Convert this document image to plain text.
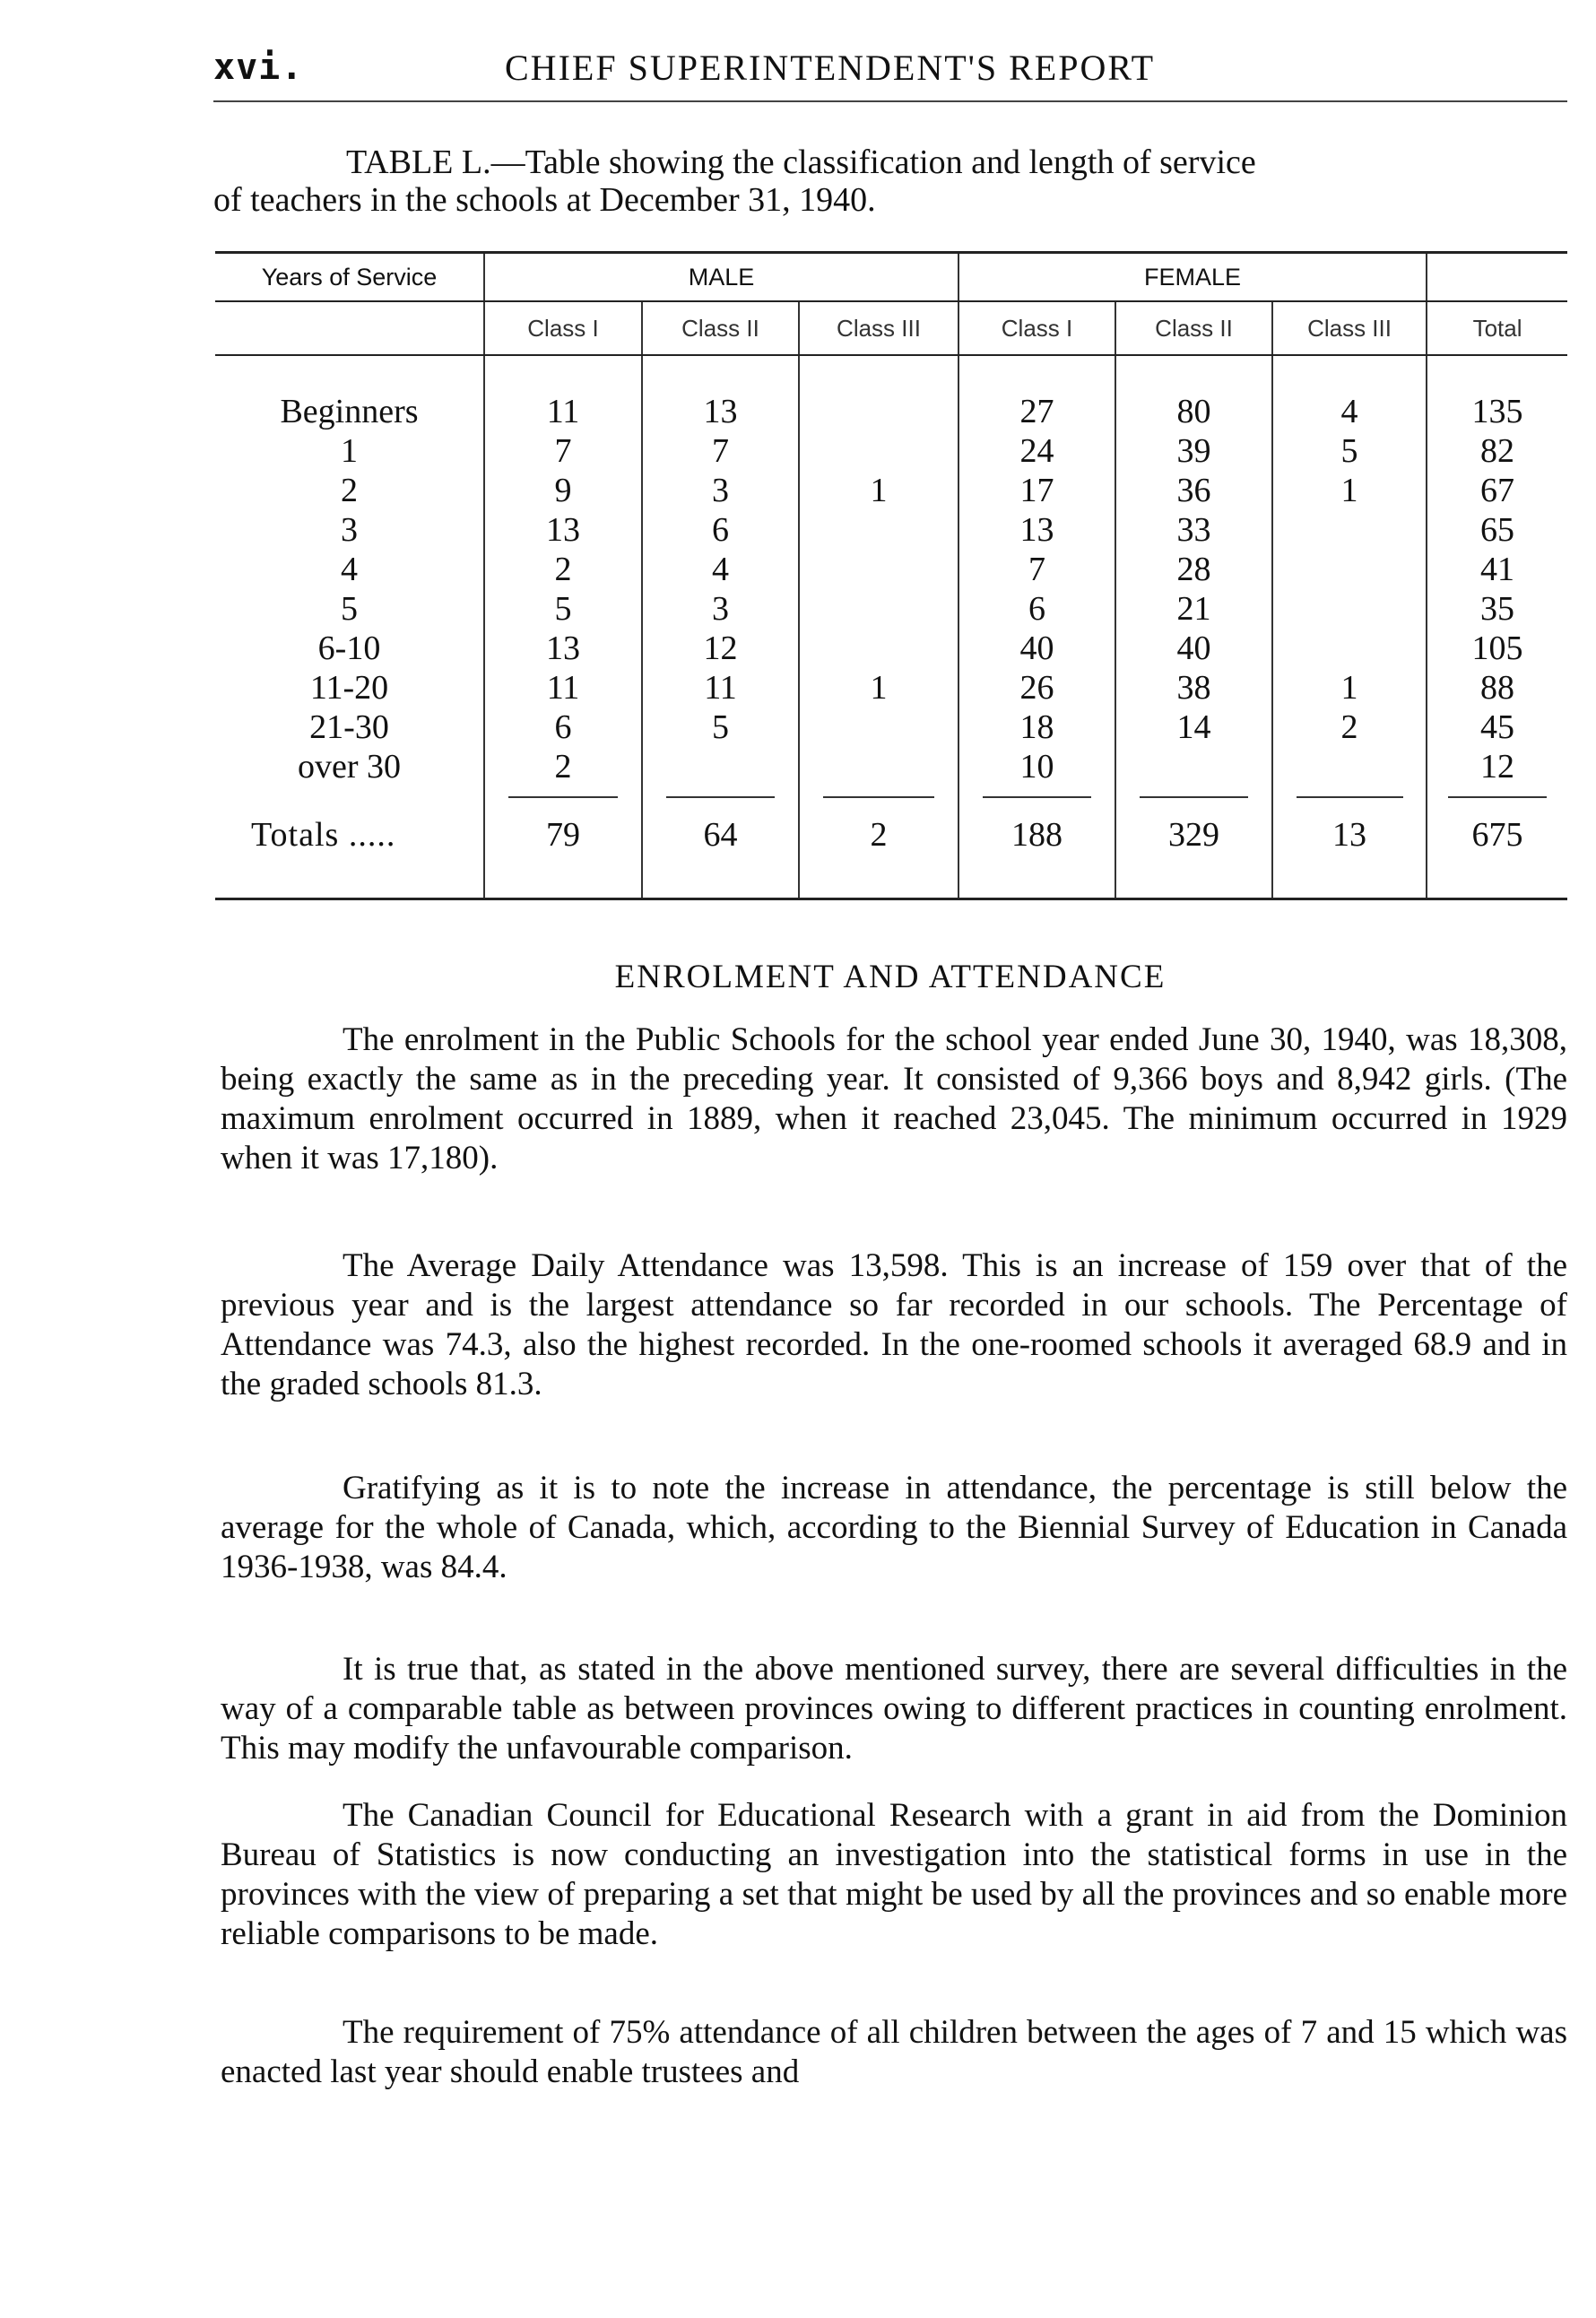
xvi.	CHIEF SUPERINTENDENT'S REPORT
TABLE L.—Table showing the classification and length of service
of teachers in the schools at December 31, 1940.
Years of Service	MALE			FEMALE			
	Class I	Class II	Class III	Class I	Class II	Class III	Total

Beginners	11	13		27	80	4	135
1	7	7		24	39	5	82
2	9	3	1	17	36	1	67
3	13	6		13	33		65
4	2	4		7	28		41
5	5	3		6	21		35
6-10	13	12		40	40		105
11-20	11	11	1	26	38	1	88
21-30	6	5		18	14	2	45
over 30	2			10			12

Totals .....	79	64	2	188	329	13	675

ENROLMENT AND ATTENDANCE

The enrolment in the Public Schools for the school year ended June 30, 1940, was 18,308, being exactly the same as in the preceding year. It consisted of 9,366 boys and 8,942 girls. (The maximum enrolment occurred in 1889, when it reached 23,045. The minimum occurred in 1929 when it was 17,180).

The Average Daily Attendance was 13,598. This is an increase of 159 over that of the previous year and is the largest attendance so far recorded in our schools. The Percentage of Attendance was 74.3, also the highest recorded. In the one-roomed schools it averaged 68.9 and in the graded schools 81.3.

Gratifying as it is to note the increase in attendance, the percentage is still below the average for the whole of Canada, which, according to the Biennial Survey of Education in Canada 1936-1938, was 84.4.

It is true that, as stated in the above mentioned survey, there are several difficulties in the way of a comparable table as between provinces owing to different practices in counting enrolment. This may modify the unfavourable comparison.

The Canadian Council for Educational Research with a grant in aid from the Dominion Bureau of Statistics is now conducting an investigation into the statistical forms in use in the provinces with the view of preparing a set that might be used by all the provinces and so enable more reliable comparisons to be made.

The requirement of 75% attendance of all children between the ages of 7 and 15 which was enacted last year should enable trustees and
